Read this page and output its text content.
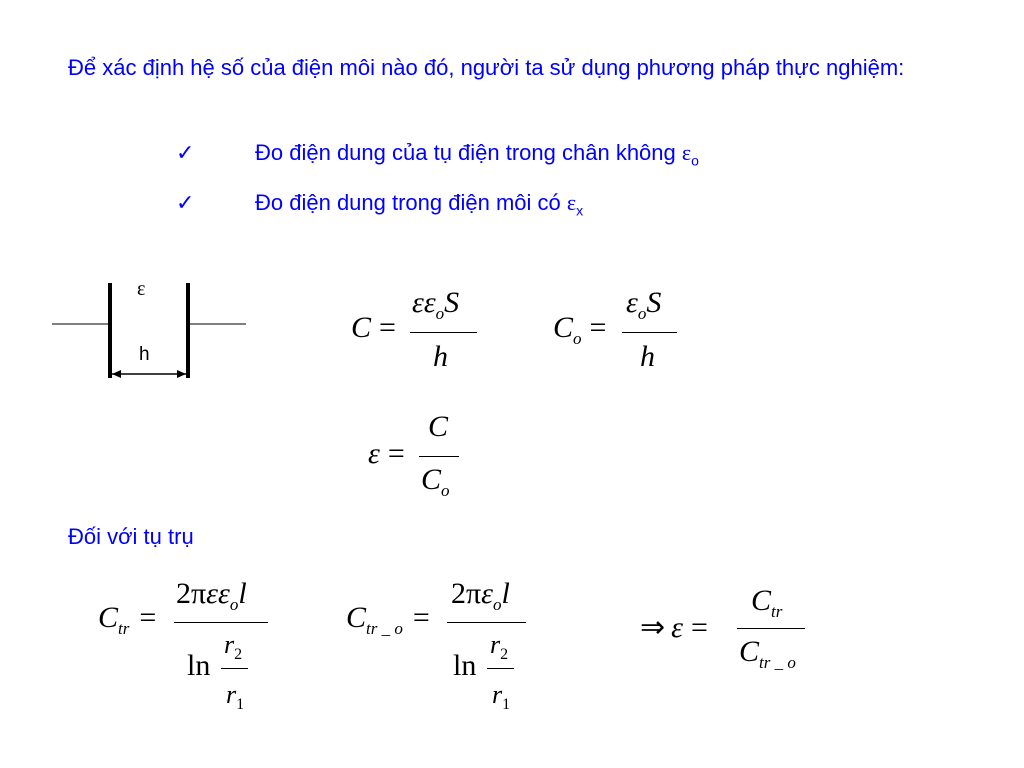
Để xác định hệ số của điện môi nào đó, người ta sử dụng phương pháp thực nghiệm:
✓	Đo điện dung của tụ điện trong chân không $\varepsilon_o$
✓	Đo điện dung trong điện môi có $\varepsilon_x$
ε
h
C =
$\varepsilon\varepsilon_oS$
h
$C_o$ =
$\varepsilon_oS$
h
ε =
C
$C_o$
Đối với tụ trụ
$C_{tr}$ =
2πεε$_o$l
ln
$r_2$
$r_1$
$C_{tr \_ o}$ =
$2\pi\varepsilon_ol$
ln
$r_2$
$r_1$
⇒ ε =
$C_{tr}$
$C_{tr \_ o}$
